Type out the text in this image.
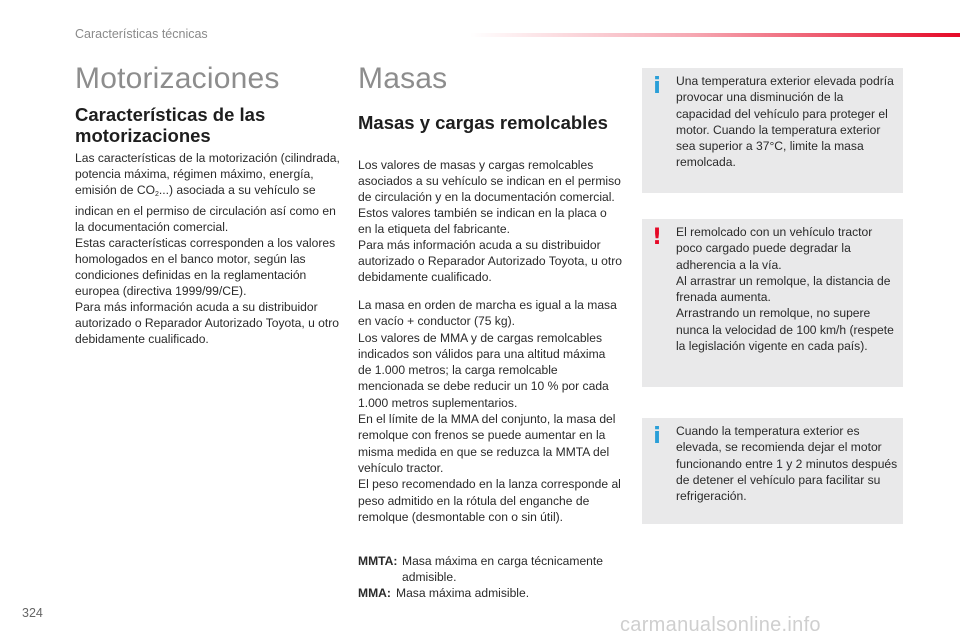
Características técnicas
Motorizaciones
Características de las motorizaciones

Las características de la motorización (cilindrada, potencia máxima, régimen máximo, energía, emisión de $CO_2$...) asociada a su vehículo se indican en el permiso de circulación así como en la documentación comercial.
Estas características corresponden a los valores homologados en el banco motor, según las condiciones definidas en la reglamentación europea (directiva 1999/99/CE).
Para más información acuda a su distribuidor autorizado o Reparador Autorizado Toyota, u otro debidamente cualificado.

Masas
Masas y cargas remolcables

Los valores de masas y cargas remolcables asociados a su vehículo se indican en el permiso de circulación y en la documentación comercial.
Estos valores también se indican en la placa o en la etiqueta del fabricante.
Para más información acuda a su distribuidor autorizado o Reparador Autorizado Toyota, u otro debidamente cualificado.

La masa en orden de marcha es igual a la masa en vacío + conductor (75 kg).
Los valores de MMA y de cargas remolcables indicados son válidos para una altitud máxima de 1.000 metros; la carga remolcable mencionada se debe reducir un 10 % por cada 1.000 metros suplementarios.
En el límite de la MMA del conjunto, la masa del remolque con frenos se puede aumentar en la misma medida en que se reduzca la MMTA del vehículo tractor.
El peso recomendado en la lanza corresponde al peso admitido en la rótula del enganche de remolque (desmontable con o sin útil).

MMTA: Masa máxima en carga técnicamente admisible.
MMA: Masa máxima admisible.
i Una temperatura exterior elevada podría provocar una disminución de la capacidad del vehículo para proteger el motor. Cuando la temperatura exterior sea superior a 37°C, limite la masa remolcada.
! El remolcado con un vehículo tractor poco cargado puede degradar la adherencia a la vía.
Al arrastrar un remolque, la distancia de frenada aumenta.
Arrastrando un remolque, no supere nunca la velocidad de 100 km/h (respete la legislación vigente en cada país).
i Cuando la temperatura exterior es elevada, se recomienda dejar el motor funcionando entre 1 y 2 minutos después de detener el vehículo para facilitar su refrigeración.
324
carmanualsonline.info
